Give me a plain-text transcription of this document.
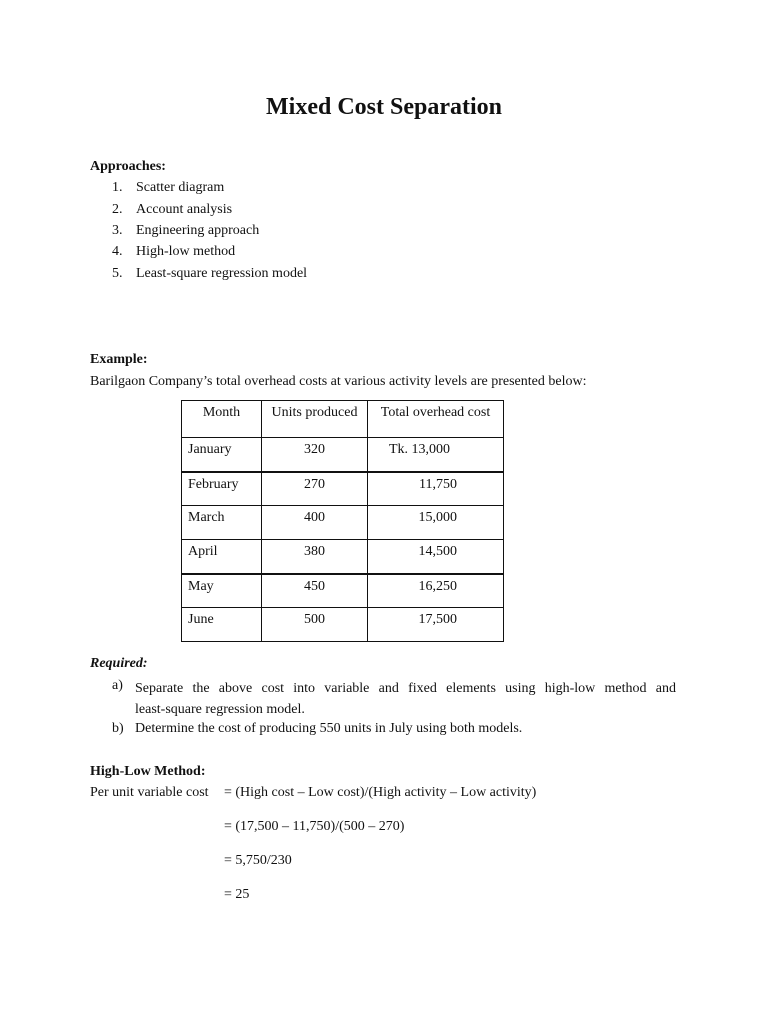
Mixed Cost Separation
Approaches:
1. Scatter diagram
2. Account analysis
3. Engineering approach
4. High-low method
5. Least-square regression model
Example:
Barilgaon Company’s total overhead costs at various activity levels are presented below:
Month	Units produced	Total overhead cost
January	320	Tk. 13,000
February	270	11,750
March	400	15,000
April	380	14,500
May	450	16,250
June	500	17,500
Required:
a) Separate the above cost into variable and fixed elements using high-low method and
least-square regression model.
b) Determine the cost of producing 550 units in July using both models.
High-Low Method:
Per unit variable cost = (High cost – Low cost)/(High activity – Low activity)
= (17,500 – 11,750)/(500 – 270)
= 5,750/230
= 25
